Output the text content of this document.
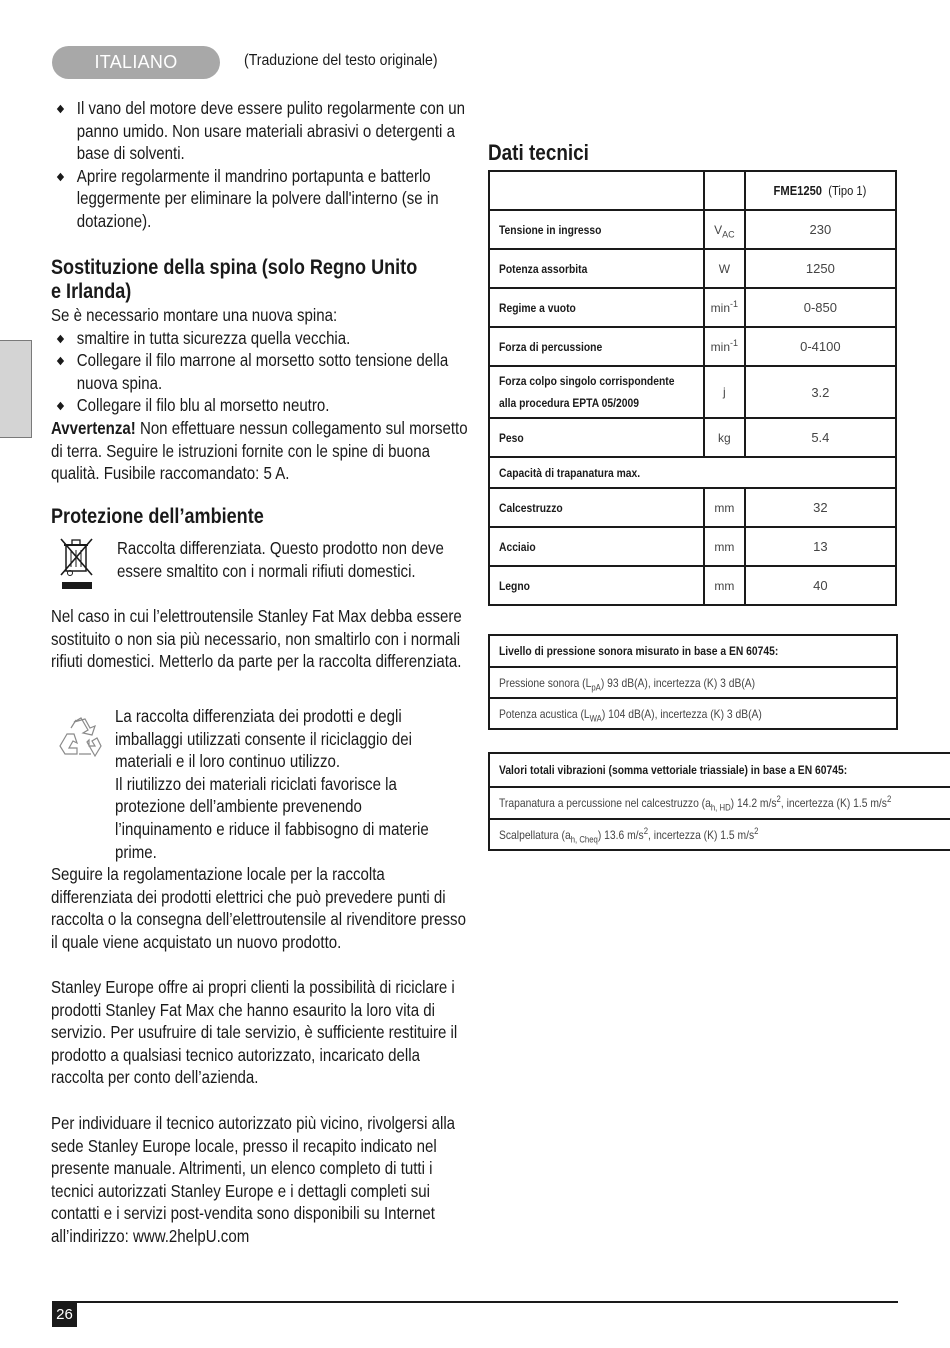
ITALIANO	(Traduzione del testo originale)
Il vano del motore deve essere pulito regolarmente con un panno umido. Non usare materiali abrasivi o detergenti a base di solventi.
Aprire regolarmente il mandrino portapunta e batterlo leggermente per eliminare la polvere dall'interno (se in dotazione).
Sostituzione della spina (solo Regno Unito e Irlanda)

Se è necessario montare una nuova spina:

smaltire in tutta sicurezza quella vecchia.
Collegare il filo marrone al morsetto sotto tensione della nuova spina.
Collegare il filo blu al morsetto neutro.

Avvertenza! Non effettuare nessun collegamento sul morsetto di terra. Seguire le istruzioni fornite con le spine di buona qualità. Fusibile raccomandato: 5 A.

Protezione dell’ambiente

Raccolta differenziata. Questo prodotto non deve essere smaltito con i normali rifiuti domestici.

Nel caso in cui l’elettroutensile Stanley Fat Max debba essere sostituito o non sia più necessario, non smaltirlo con i normali rifiuti domestici. Metterlo da parte per la raccolta differenziata.

La raccolta differenziata dei prodotti e degli imballaggi utilizzati consente il riciclaggio dei materiali e il loro continuo utilizzo.

Il riutilizzo dei materiali riciclati favorisce la protezione dell’ambiente prevenendo l’inquinamento e riduce il fabbisogno di materie prime.

Seguire la regolamentazione locale per la raccolta differenziata dei prodotti elettrici che può prevedere punti di raccolta o la consegna dell’elettroutensile al rivenditore presso il quale viene acquistato un nuovo prodotto.

Stanley Europe offre ai propri clienti la possibilità di riciclare i prodotti Stanley Fat Max che hanno esaurito la loro vita di servizio. Per usufruire di tale servizio, è sufficiente restituire il prodotto a qualsiasi tecnico autorizzato, incaricato della raccolta per conto dell’azienda.

Per individuare il tecnico autorizzato più vicino, rivolgersi alla sede Stanley Europe locale, presso il recapito indicato nel presente manuale. Altrimenti, un elenco completo di tutti i tecnici autorizzati Stanley Europe e i dettagli completi sui contatti e i servizi post-vendita sono disponibili su Internet all’indirizzo: www.2helpU.com

Dati tecnici
		FME1250 (Tipo 1)
Tensione in ingresso	$V_{AC}$	230
Potenza assorbita	W	1250
Regime a vuoto	$\min^{-1}$	0-850
Forza di percussione	$\min^{-1}$	0-4100
Forza colpo singolo corrispondente
alla procedura EPTA 05/2009	j	3.2
Peso	kg	5.4
Capacità di trapanatura max.		
Calcestruzzo	mm	32
Acciaio	mm	13
Legno	mm	40
Livello di pressione sonora misurato in base a EN 60745:
Pressione sonora $(L_{pA})$ 93 dB(A), incertezza (K) 3 dB(A)
Potenza acustica $(L_{WA})$ 104 dB(A), incertezza (K) 3 dB(A)
Valori totali vibrazioni (somma vettoriale triassiale) in base a EN 60745:
Trapanatura a percussione nel calcestruzzo $(a_{h, HD})$ 14.2 $m/s^2$, incertezza (K) 1.5 $m/s^2$
Scalpellatura $(a_{h, Cheq})$ 13.6 $m/s^2$, incertezza (K) 1.5 $m/s^2$
26
